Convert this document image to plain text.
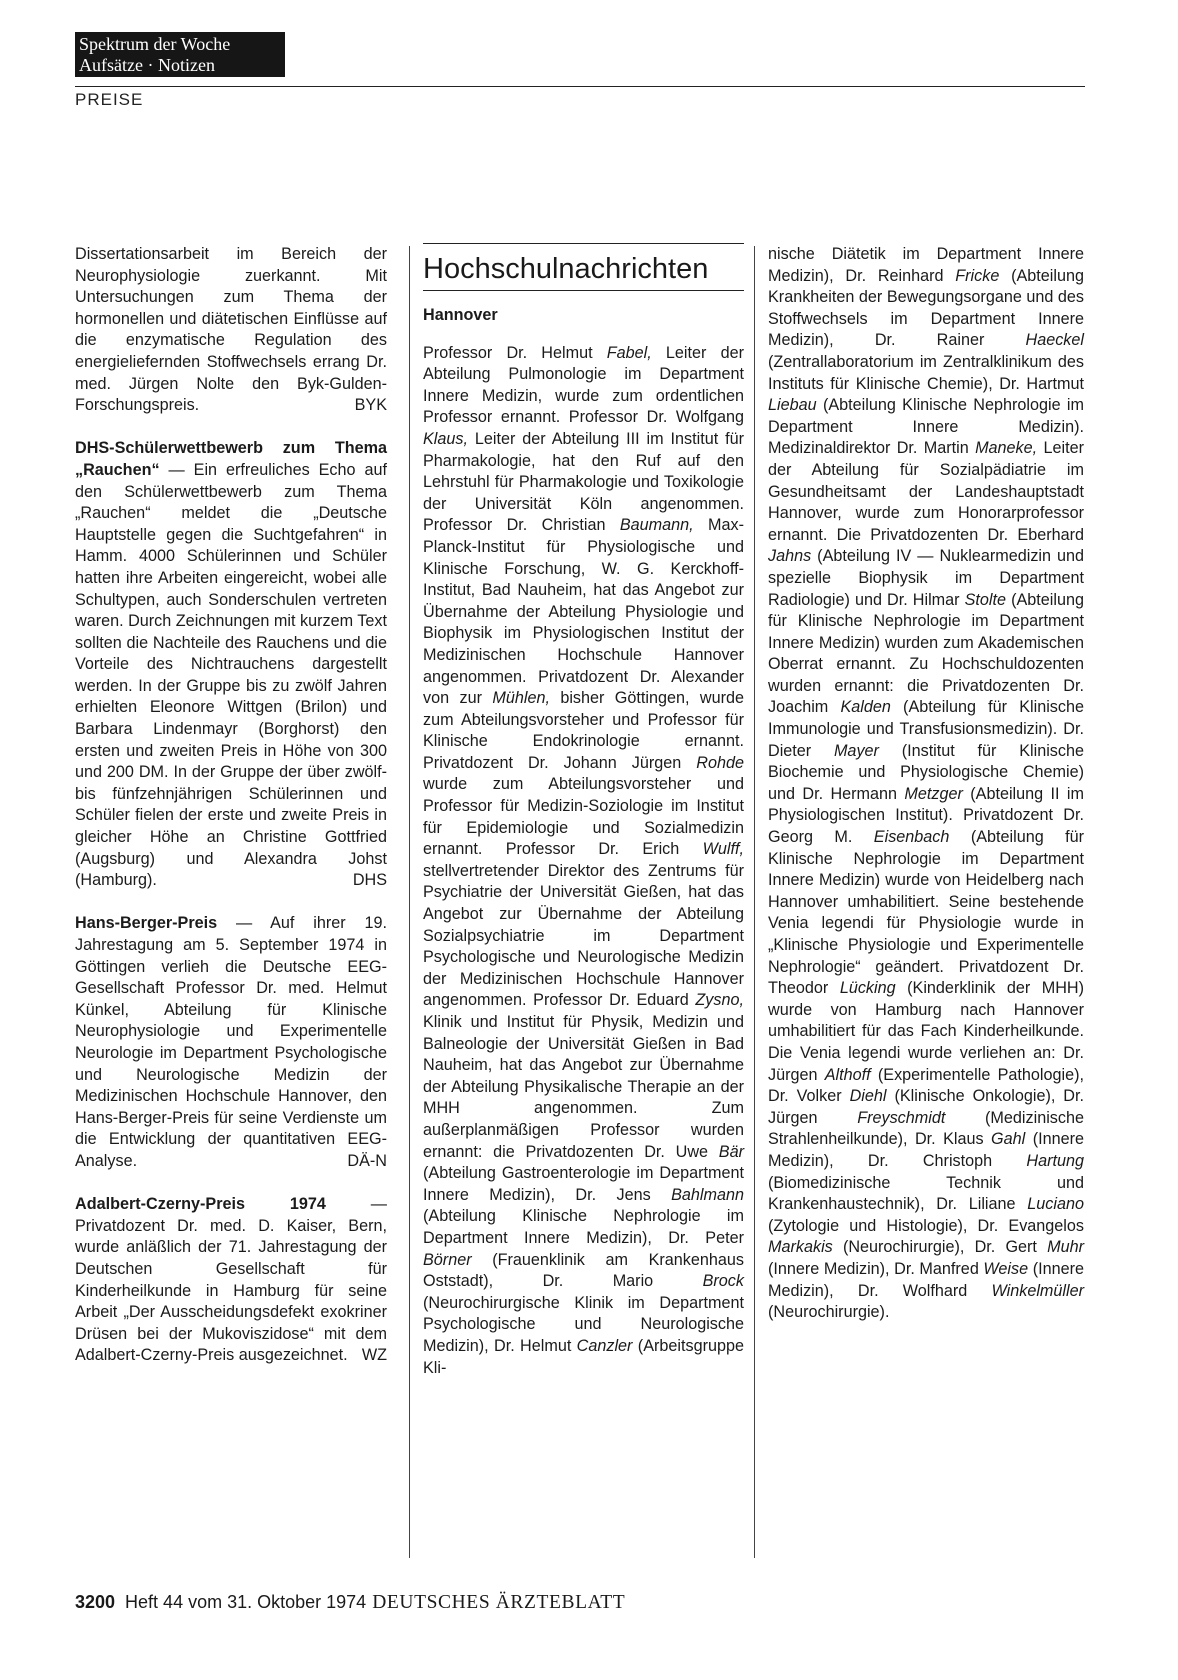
Spektrum der Woche
Aufsätze · Notizen
PREISE

Dissertationsarbeit im Bereich der Neurophysiologie zuerkannt. Mit Untersuchungen zum Thema der hormonellen und diätetischen Einflüsse auf die enzymatische Regulation des energieliefernden Stoffwechsels errang Dr. med. Jürgen Nolte den Byk-Gulden-Forschungspreis.	BYK

DHS-Schülerwettbewerb zum Thema „Rauchen“ — Ein erfreuliches Echo auf den Schülerwettbewerb zum Thema „Rauchen“ meldet die „Deutsche Hauptstelle gegen die Suchtgefahren“ in Hamm. 4000 Schülerinnen und Schüler hatten ihre Arbeiten eingereicht, wobei alle Schultypen, auch Sonderschulen vertreten waren. Durch Zeichnungen mit kurzem Text sollten die Nachteile des Rauchens und die Vorteile des Nichtrauchens dargestellt werden. In der Gruppe bis zu zwölf Jahren erhielten Eleonore Wittgen (Brilon) und Barbara Lindenmayr (Borghorst) den ersten und zweiten Preis in Höhe von 300 und 200 DM. In der Gruppe der über zwölf- bis fünfzehnjährigen Schülerinnen und Schüler fielen der erste und zweite Preis in gleicher Höhe an Christine Gottfried (Augsburg) und Alexandra Johst (Hamburg).	DHS

Hans-Berger-Preis — Auf ihrer 19. Jahrestagung am 5. September 1974 in Göttingen verlieh die Deutsche EEG-Gesellschaft Professor Dr. med. Helmut Künkel, Abteilung für Klinische Neurophysiologie und Experimentelle Neurologie im Department Psychologische und Neurologische Medizin der Medizinischen Hochschule Hannover, den Hans-Berger-Preis für seine Verdienste um die Entwicklung der quantitativen EEG-Analyse.	DÄ-N

Adalbert-Czerny-Preis 1974 — Privatdozent Dr. med. D. Kaiser, Bern, wurde anläßlich der 71. Jahrestagung der Deutschen Gesellschaft für Kinderheilkunde in Hamburg für seine Arbeit „Der Ausscheidungsdefekt exokriner Drüsen bei der Mukoviszidose“ mit dem Adalbert-Czerny-Preis ausgezeichnet. WZ

Hochschulnachrichten

Hannover

Professor Dr. Helmut Fabel, Leiter der Abteilung Pulmonologie im Department Innere Medizin, wurde zum ordentlichen Professor ernannt. Professor Dr. Wolfgang Klaus, Leiter der Abteilung III im Institut für Pharmakologie, hat den Ruf auf den Lehrstuhl für Pharmakologie und Toxikologie der Universität Köln angenommen. Professor Dr. Christian Baumann, Max-Planck-Institut für Physiologische und Klinische Forschung, W. G. Kerckhoff-Institut, Bad Nauheim, hat das Angebot zur Übernahme der Abteilung Physiologie und Biophysik im Physiologischen Institut der Medizinischen Hochschule Hannover angenommen. Privatdozent Dr. Alexander von zur Mühlen, bisher Göttingen, wurde zum Abteilungsvorsteher und Professor für Klinische Endokrinologie ernannt. Privatdozent Dr. Johann Jürgen Rohde wurde zum Abteilungsvorsteher und Professor für Medizin-Soziologie im Institut für Epidemiologie und Sozialmedizin ernannt. Professor Dr. Erich Wulff, stellvertretender Direktor des Zentrums für Psychiatrie der Universität Gießen, hat das Angebot zur Übernahme der Abteilung Sozialpsychiatrie im Department Psychologische und Neurologische Medizin der Medizinischen Hochschule Hannover angenommen. Professor Dr. Eduard Zysno, Klinik und Institut für Physik, Medizin und Balneologie der Universität Gießen in Bad Nauheim, hat das Angebot zur Übernahme der Abteilung Physikalische Therapie an der MHH angenommen. Zum außerplanmäßigen Professor wurden ernannt: die Privatdozenten Dr. Uwe Bär (Abteilung Gastroenterologie im Department Innere Medizin), Dr. Jens Bahlmann (Abteilung Klinische Nephrologie im Department Innere Medizin), Dr. Peter Börner (Frauenklinik am Krankenhaus Oststadt), Dr. Mario Brock (Neurochirurgische Klinik im Department Psychologische und Neurologische Medizin), Dr. Helmut Canzler (Arbeitsgruppe Kli-

nische Diätetik im Department Innere Medizin), Dr. Reinhard Fricke (Abteilung Krankheiten der Bewegungsorgane und des Stoffwechsels im Department Innere Medizin), Dr. Rainer Haeckel (Zentrallaboratorium im Zentralklinikum des Instituts für Klinische Chemie), Dr. Hartmut Liebau (Abteilung Klinische Nephrologie im Department Innere Medizin). Medizinaldirektor Dr. Martin Maneke, Leiter der Abteilung für Sozialpädiatrie im Gesundheitsamt der Landeshauptstadt Hannover, wurde zum Honorarprofessor ernannt. Die Privatdozenten Dr. Eberhard Jahns (Abteilung IV — Nuklearmedizin und spezielle Biophysik im Department Radiologie) und Dr. Hilmar Stolte (Abteilung für Klinische Nephrologie im Department Innere Medizin) wurden zum Akademischen Oberrat ernannt. Zu Hochschuldozenten wurden ernannt: die Privatdozenten Dr. Joachim Kalden (Abteilung für Klinische Immunologie und Transfusionsmedizin). Dr. Dieter Mayer (Institut für Klinische Biochemie und Physiologische Chemie) und Dr. Hermann Metzger (Abteilung II im Physiologischen Institut). Privatdozent Dr. Georg M. Eisenbach (Abteilung für Klinische Nephrologie im Department Innere Medizin) wurde von Heidelberg nach Hannover umhabilitiert. Seine bestehende Venia legendi für Physiologie wurde in „Klinische Physiologie und Experimentelle Nephrologie“ geändert. Privatdozent Dr. Theodor Lücking (Kinderklinik der MHH) wurde von Hamburg nach Hannover umhabilitiert für das Fach Kinderheilkunde. Die Venia legendi wurde verliehen an: Dr. Jürgen Althoff (Experimentelle Pathologie), Dr. Volker Diehl (Klinische Onkologie), Dr. Jürgen Freyschmidt (Medizinische Strahlenheilkunde), Dr. Klaus Gahl (Innere Medizin), Dr. Christoph Hartung (Biomedizinische Technik und Krankenhaustechnik), Dr. Liliane Luciano (Zytologie und Histologie), Dr. Evangelos Markakis (Neurochirurgie), Dr. Gert Muhr (Innere Medizin), Dr. Manfred Weise (Innere Medizin), Dr. Wolfhard Winkelmüller (Neurochirurgie).

3200 Heft 44 vom 31. Oktober 1974 DEUTSCHES ÄRZTEBLATT
